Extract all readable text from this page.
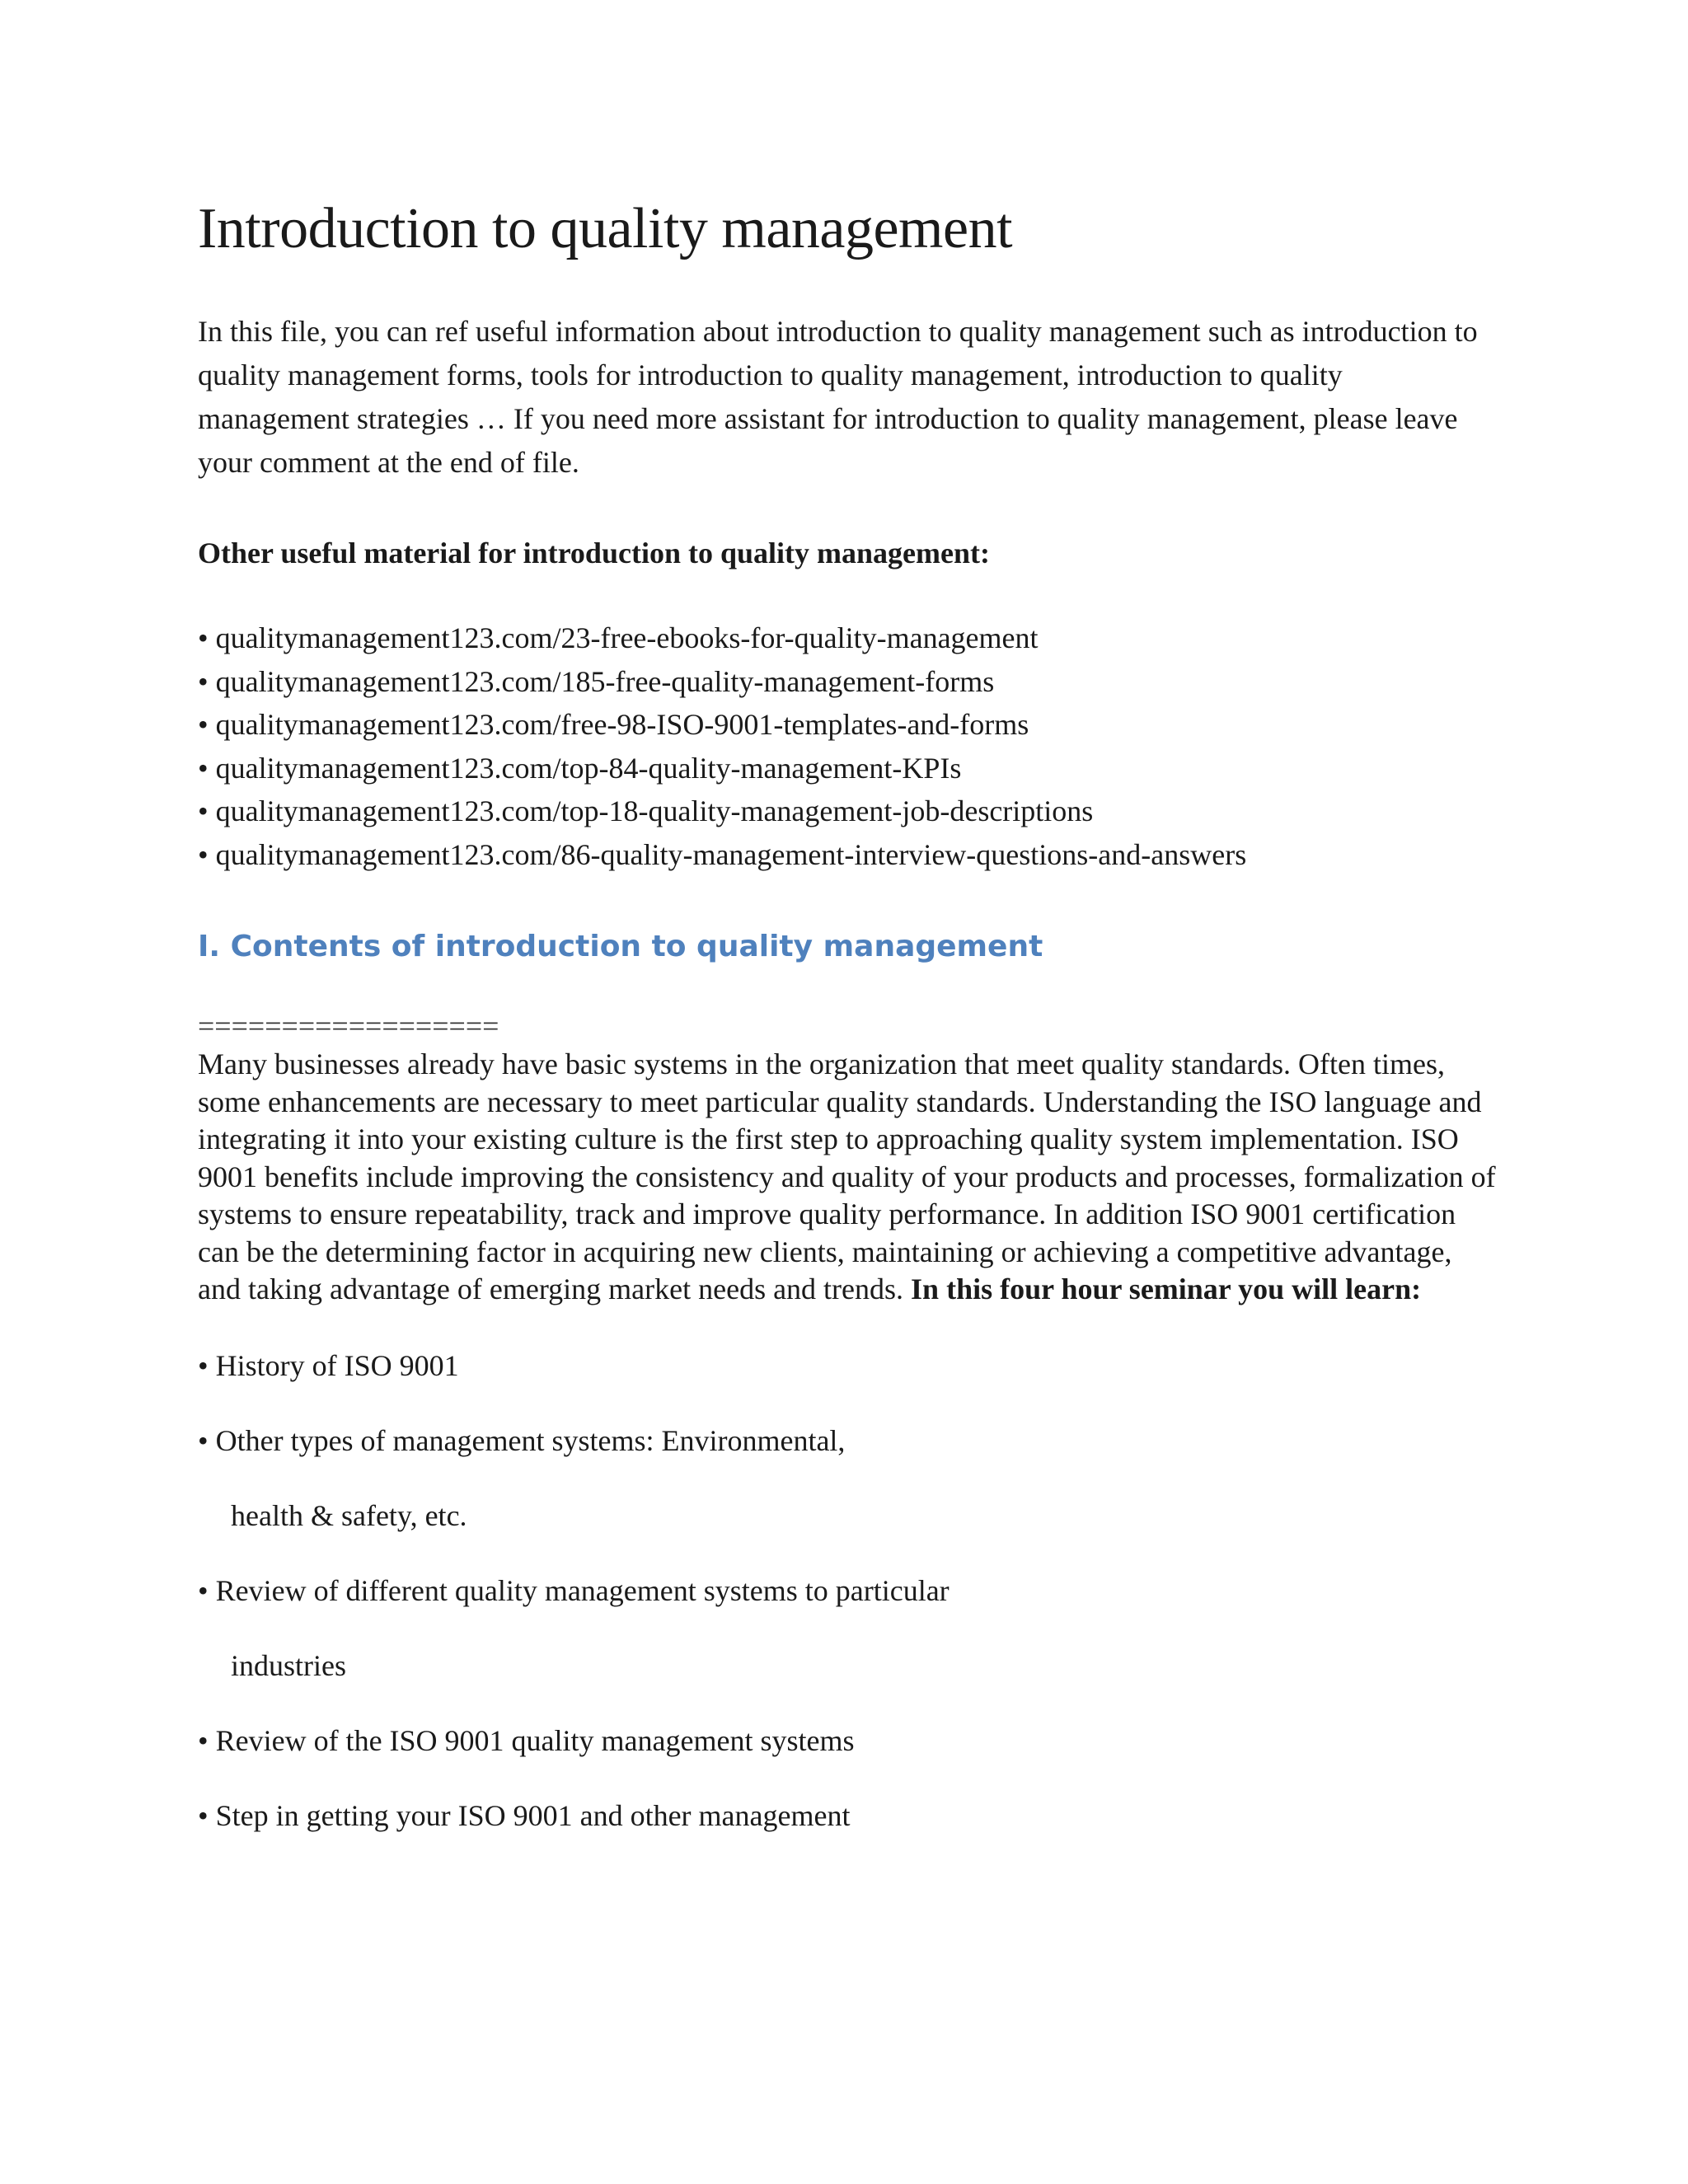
Introduction to quality management

In this file, you can ref useful information about introduction to quality management such as introduction to quality management forms, tools for introduction to quality management, introduction to quality management strategies … If you need more assistant for introduction to quality management, please leave your comment at the end of file.

Other useful material for introduction to quality management:
• qualitymanagement123.com/23-free-ebooks-for-quality-management
• qualitymanagement123.com/185-free-quality-management-forms
• qualitymanagement123.com/free-98-ISO-9001-templates-and-forms
• qualitymanagement123.com/top-84-quality-management-KPIs
• qualitymanagement123.com/top-18-quality-management-job-descriptions
• qualitymanagement123.com/86-quality-management-interview-questions-and-answers
I. Contents of introduction to quality management
==================
Many businesses already have basic systems in the organization that meet quality standards. Often times, some enhancements are necessary to meet particular quality standards. Understanding the ISO language and integrating it into your existing culture is the first step to approaching quality system implementation. ISO 9001 benefits include improving the consistency and quality of your products and processes, formalization of systems to ensure repeatability, track and improve quality performance. In addition ISO 9001 certification can be the determining factor in acquiring new clients, maintaining or achieving a competitive advantage, and taking advantage of emerging market needs and trends. In this four hour seminar you will learn:
• History of ISO 9001
• Other types of management systems: Environmental,
health & safety, etc.
• Review of different quality management systems to particular
industries
• Review of the ISO 9001 quality management systems
• Step in getting your ISO 9001 and other management
